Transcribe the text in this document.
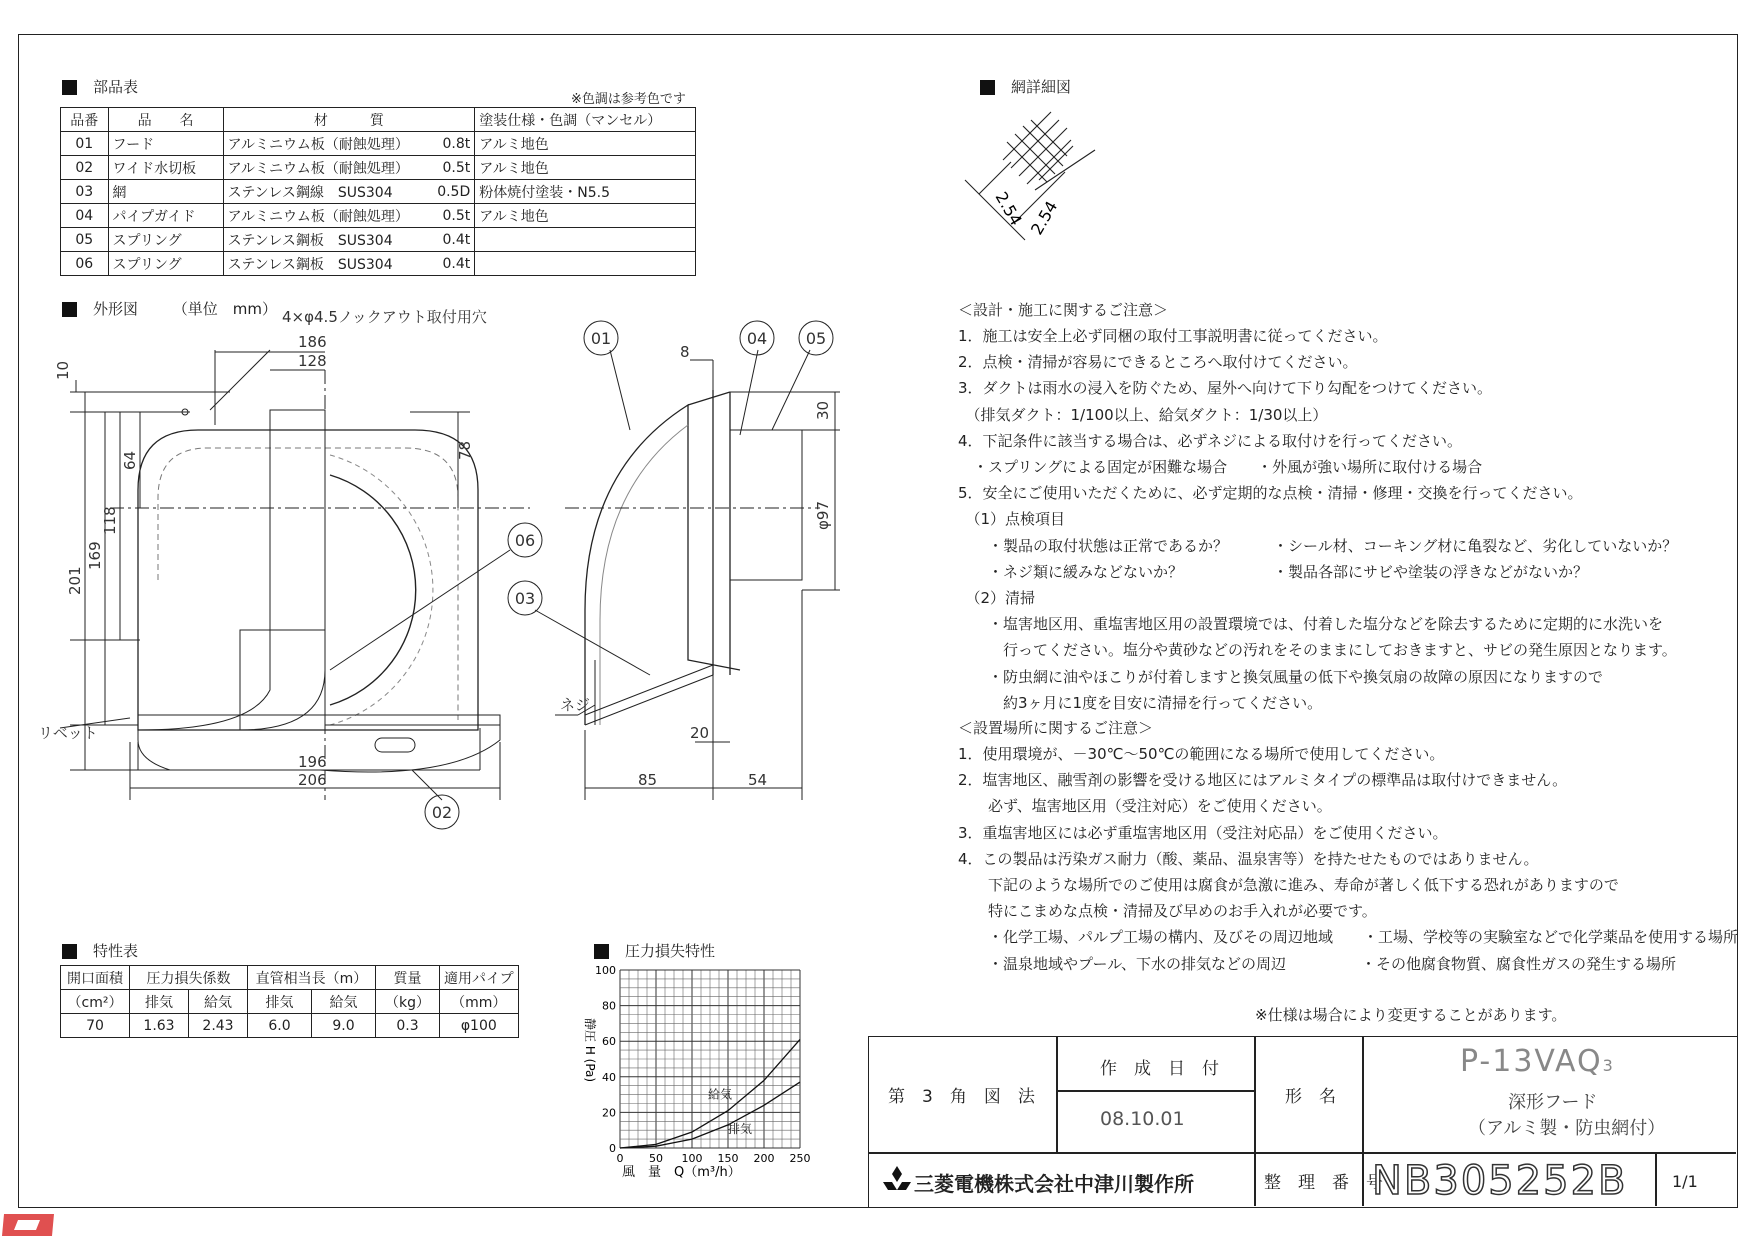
部品表
※色調は参考色です
品番	品　　名	材　　　質		塗装仕様・色調（マンセル）
01	フード	アルミニウム板（耐蝕処理）	0.8t	アルミ地色
02	ワイド水切板	アルミニウム板（耐蝕処理）	0.5t	アルミ地色
03	網	ステンレス鋼線　SUS304	0.5D	粉体焼付塗装・N5.5
04	パイプガイド	アルミニウム板（耐蝕処理）	0.5t	アルミ地色
05	スプリング	ステンレス鋼板　SUS304	0.4t	
06	スプリング	ステンレス鋼板　SUS304	0.4t	
網詳細図
2.54 2.54
外形図 （単位　mm）
186
128
10
78
64
118
169
201
196
206
8
30
φ97
20
85	54
4×φ4.5ノックアウト取付用穴
リベット
ネジ
01	04 05
06
03
02
特性表
開口面積	圧力損失係数		直管相当長（m）		質量	適用パイプ
（cm²）	排気	給気	排気	給気	（kg）	（mm）
70	1.63	2.43	6.0	9.0	0.3	φ100
圧力損失特性
給気
排気
0 50 100 150 200 250
0
20
40
60
80
100
風　量　Q（m³/h）
静圧 H (Pa)
＜設計・施工に関するご注意＞
1．施工は安全上必ず同梱の取付工事説明書に従ってください。
2．点検・清掃が容易にできるところへ取付けてください。
3．ダクトは雨水の浸入を防ぐため、屋外へ向けて下り勾配をつけてください。
　（排気ダクト：1/100以上、給気ダクト：1/30以上）
4．下記条件に該当する場合は、必ずネジによる取付けを行ってください。
　・スプリングによる固定が困難な場合　　・外風が強い場所に取付ける場合
5．安全にご使用いただくために、必ず定期的な点検・清掃・修理・交換を行ってください。
　（1）点検項目
　　・製品の取付状態は正常であるか？　　　・シール材、コーキング材に亀裂など、劣化していないか？
　　・ネジ類に緩みなどないか？　　　　　　・製品各部にサビや塗装の浮きなどがないか？
　（2）清掃
　　・塩害地区用、重塩害地区用の設置環境では、付着した塩分などを除去するために定期的に水洗いを
　　　行ってください。塩分や黄砂などの汚れをそのままにしておきますと、サビの発生原因となります。
　　・防虫網に油やほこりが付着しますと換気風量の低下や換気扇の故障の原因になりますので
　　　約3ヶ月に1度を目安に清掃を行ってください。
＜設置場所に関するご注意＞
1．使用環境が、－30℃～50℃の範囲になる場所で使用してください。
2．塩害地区、融雪剤の影響を受ける地区にはアルミタイプの標準品は取付けできません。
　　必ず、塩害地区用（受注対応）をご使用ください。
3．重塩害地区には必ず重塩害地区用（受注対応品）をご使用ください。
4．この製品は汚染ガス耐力（酸、薬品、温泉害等）を持たせたものではありません。
　　下記のような場所でのご使用は腐食が急激に進み、寿命が著しく低下する恐れがありますので
　　特にこまめな点検・清掃及び早めのお手入れが必要です。
　　・化学工場、パルプ工場の構内、及びその周辺地域　　・工場、学校等の実験室などで化学薬品を使用する場所
　　・温泉地域やプール、下水の排気などの周辺　　　　　・その他腐食物質、腐食性ガスの発生する場所
※仕様は場合により変更することがあります。
第　3　角　図　法
作　成　日　付
08.10.01
形　名
P-13VAQ3
深形フード
（アルミ製・防虫網付）
三菱電機株式会社中津川製作所	整　理　番　号
NB305252B	1/1
